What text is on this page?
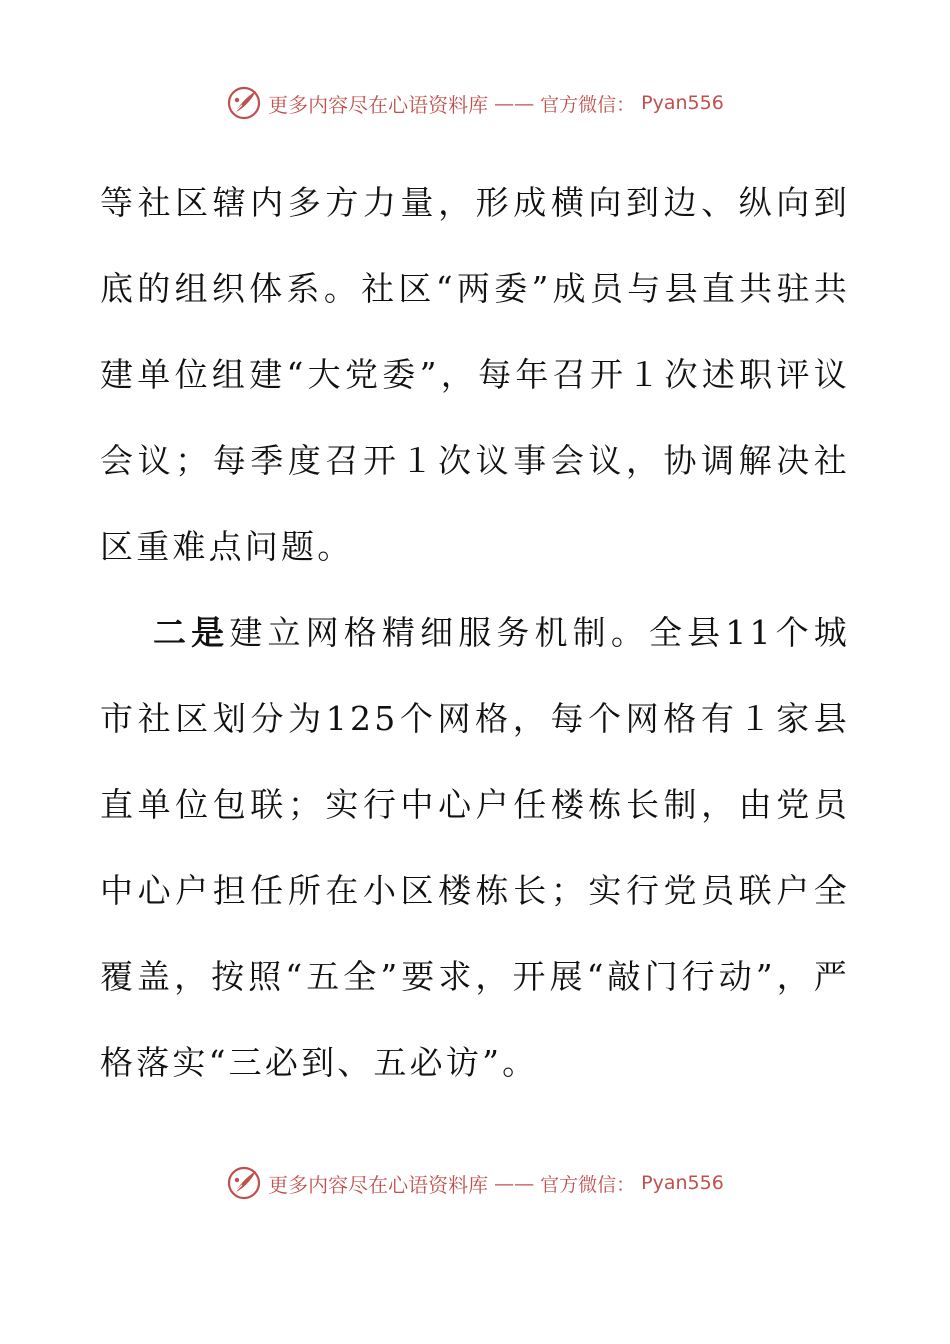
更多内容尽在心语资料库 —— 官方微信： Pyan556

等社区辖内多方力量，形成横向到边、纵向到底的组织体系。社区“两委”成员与县直共驻共建单位组建“大党委”，每年召开１次述职评议会议；每季度召开１次议事会议，协调解决社区重难点问题。

二是建立网格精细服务机制。全县11个城市社区划分为125个网格，每个网格有１家县直单位包联；实行中心户任楼栋长制，由党员中心户担任所在小区楼栋长；实行党员联户全覆盖，按照“五全”要求，开展“敲门行动”，严格落实“三必到、五必访”。

更多内容尽在心语资料库 —— 官方微信： Pyan556
